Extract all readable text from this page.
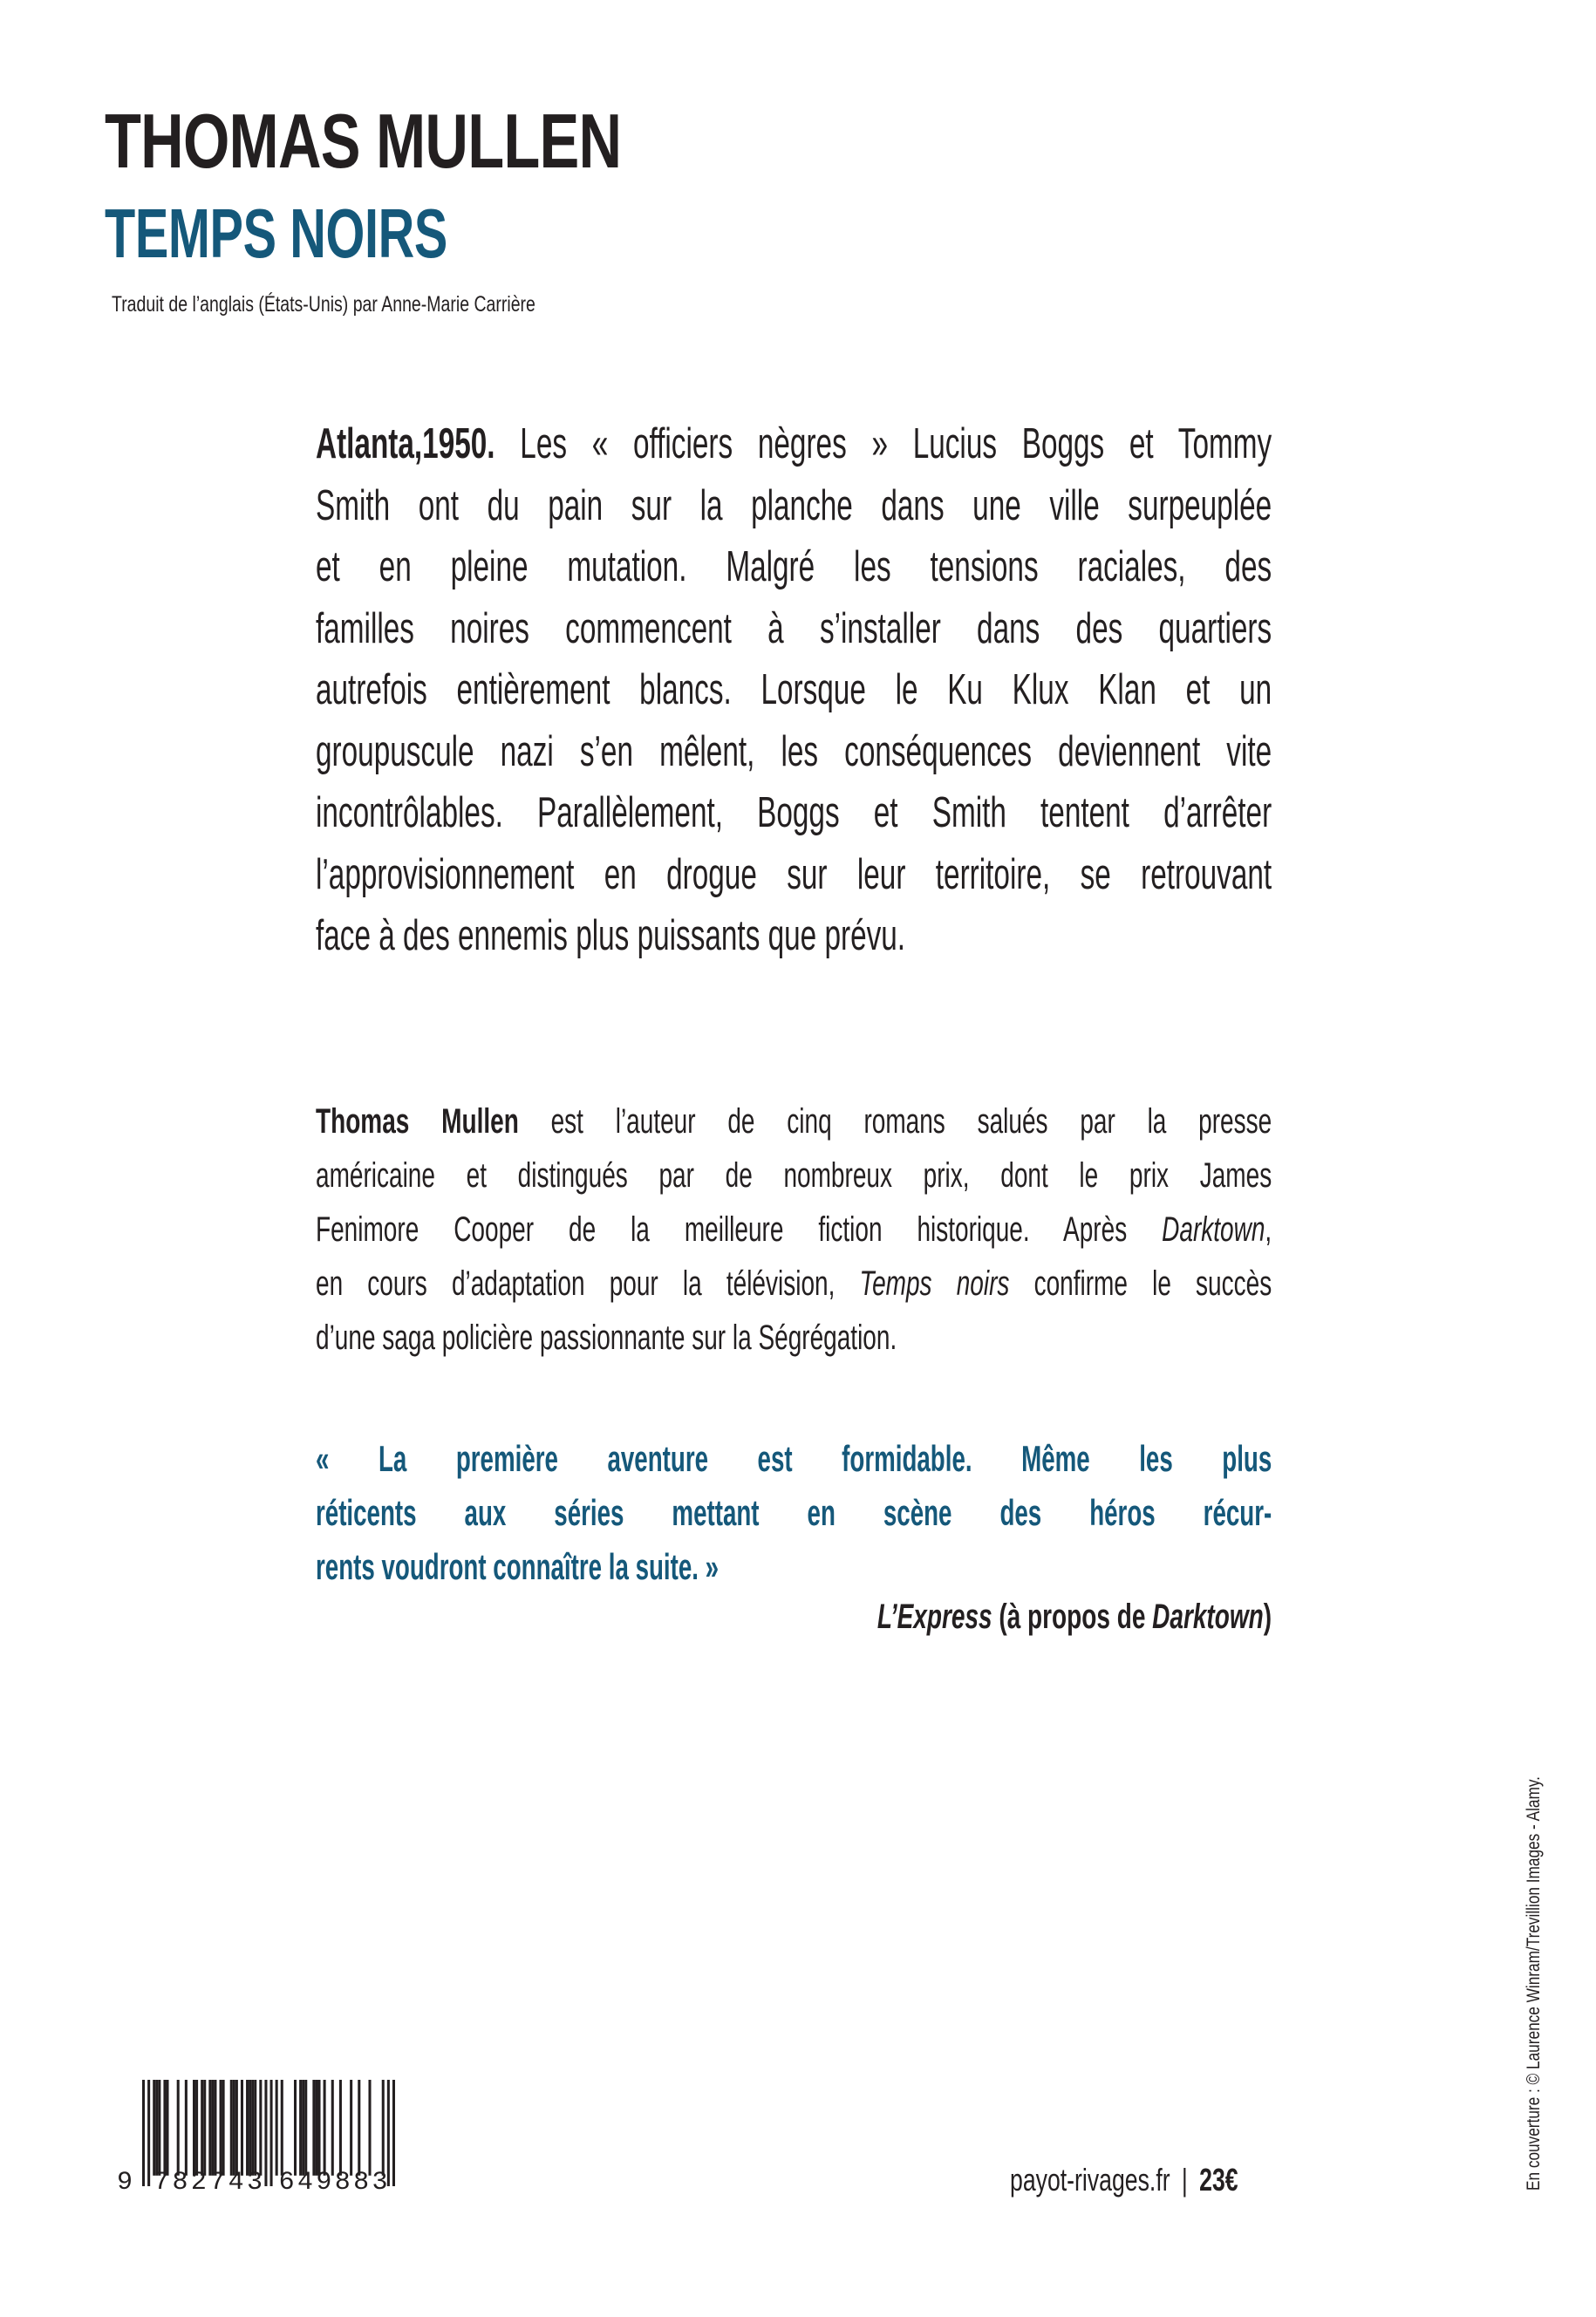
THOMAS MULLEN
TEMPS NOIRS
Traduit de l’anglais (États-Unis) par Anne-Marie Carrière
Atlanta,1950. Les « officiers nègres » Lucius Boggs et Tommy
Smith ont du pain sur la planche dans une ville surpeuplée
et en pleine mutation. Malgré les tensions raciales, des
familles noires commencent à s’installer dans des quartiers
autrefois entièrement blancs. Lorsque le Ku Klux Klan et un
groupuscule nazi s’en mêlent, les conséquences deviennent vite
incontrôlables. Parallèlement, Boggs et Smith tentent d’arrêter
l’approvisionnement en drogue sur leur territoire, se retrouvant
face à des ennemis plus puissants que prévu.
Thomas Mullen est l’auteur de cinq romans salués par la presse
américaine et distingués par de nombreux prix, dont le prix James
Fenimore Cooper de la meilleure fiction historique. Après Darktown,
en cours d’adaptation pour la télévision, Temps noirs confirme le succès
d’une saga policière passionnante sur la Ségrégation.
« La première aventure est formidable. Même les plus
réticents aux séries mettant en scène des héros récur-
rents voudront connaître la suite. »
L’Express (à propos de Darktown)
9 7 8 2 7 4 3 6 4 9 8 8 3	payot-rivages.fr | 23€	En couverture : © Laurence Winram/Trevillion Images - Alamy.
